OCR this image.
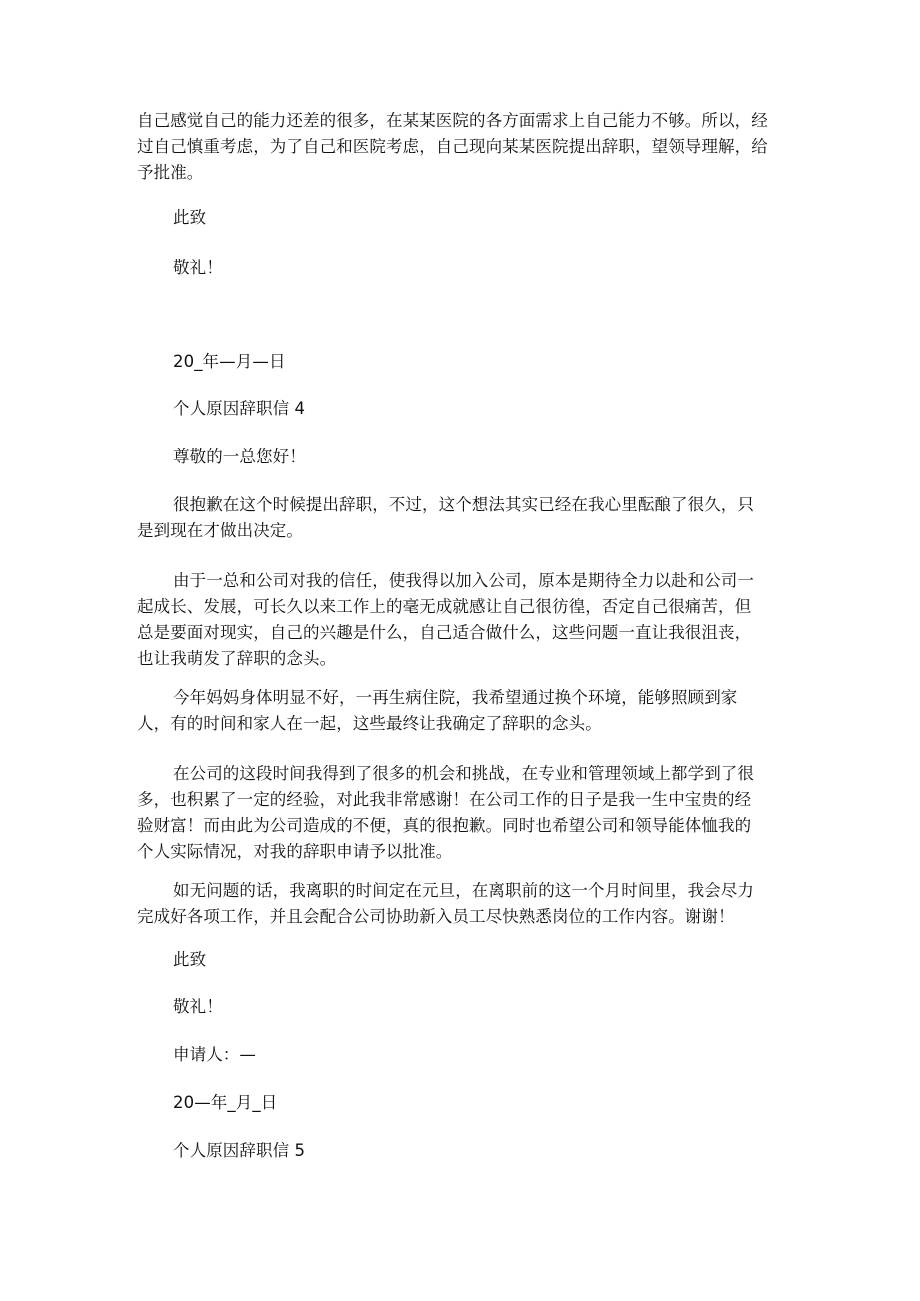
自己感觉自己的能力还差的很多，在某某医院的各方面需求上自己能力不够。所以，经
过自己慎重考虑，为了自己和医院考虑，自己现向某某医院提出辞职，望领导理解，给
予批准。
此致
敬礼！
20_年—月—日
个人原因辞职信 4
尊敬的一总您好！
很抱歉在这个时候提出辞职，不过，这个想法其实已经在我心里酝酿了很久，只
是到现在才做出决定。
由于一总和公司对我的信任，使我得以加入公司，原本是期待全力以赴和公司一
起成长、发展，可长久以来工作上的毫无成就感让自己很彷徨，否定自己很痛苦，但
总是要面对现实，自己的兴趣是什么，自己适合做什么，这些问题一直让我很沮丧，
也让我萌发了辞职的念头。
今年妈妈身体明显不好，一再生病住院，我希望通过换个环境，能够照顾到家
人，有的时间和家人在一起，这些最终让我确定了辞职的念头。
在公司的这段时间我得到了很多的机会和挑战，在专业和管理领域上都学到了很
多，也积累了一定的经验，对此我非常感谢！在公司工作的日子是我一生中宝贵的经
验财富！而由此为公司造成的不便，真的很抱歉。同时也希望公司和领导能体恤我的
个人实际情况，对我的辞职申请予以批准。
如无问题的话，我离职的时间定在元旦，在离职前的这一个月时间里，我会尽力
完成好各项工作，并且会配合公司协助新入员工尽快熟悉岗位的工作内容。谢谢！
此致
敬礼！
申请人：—
20—年_月_日
个人原因辞职信 5
